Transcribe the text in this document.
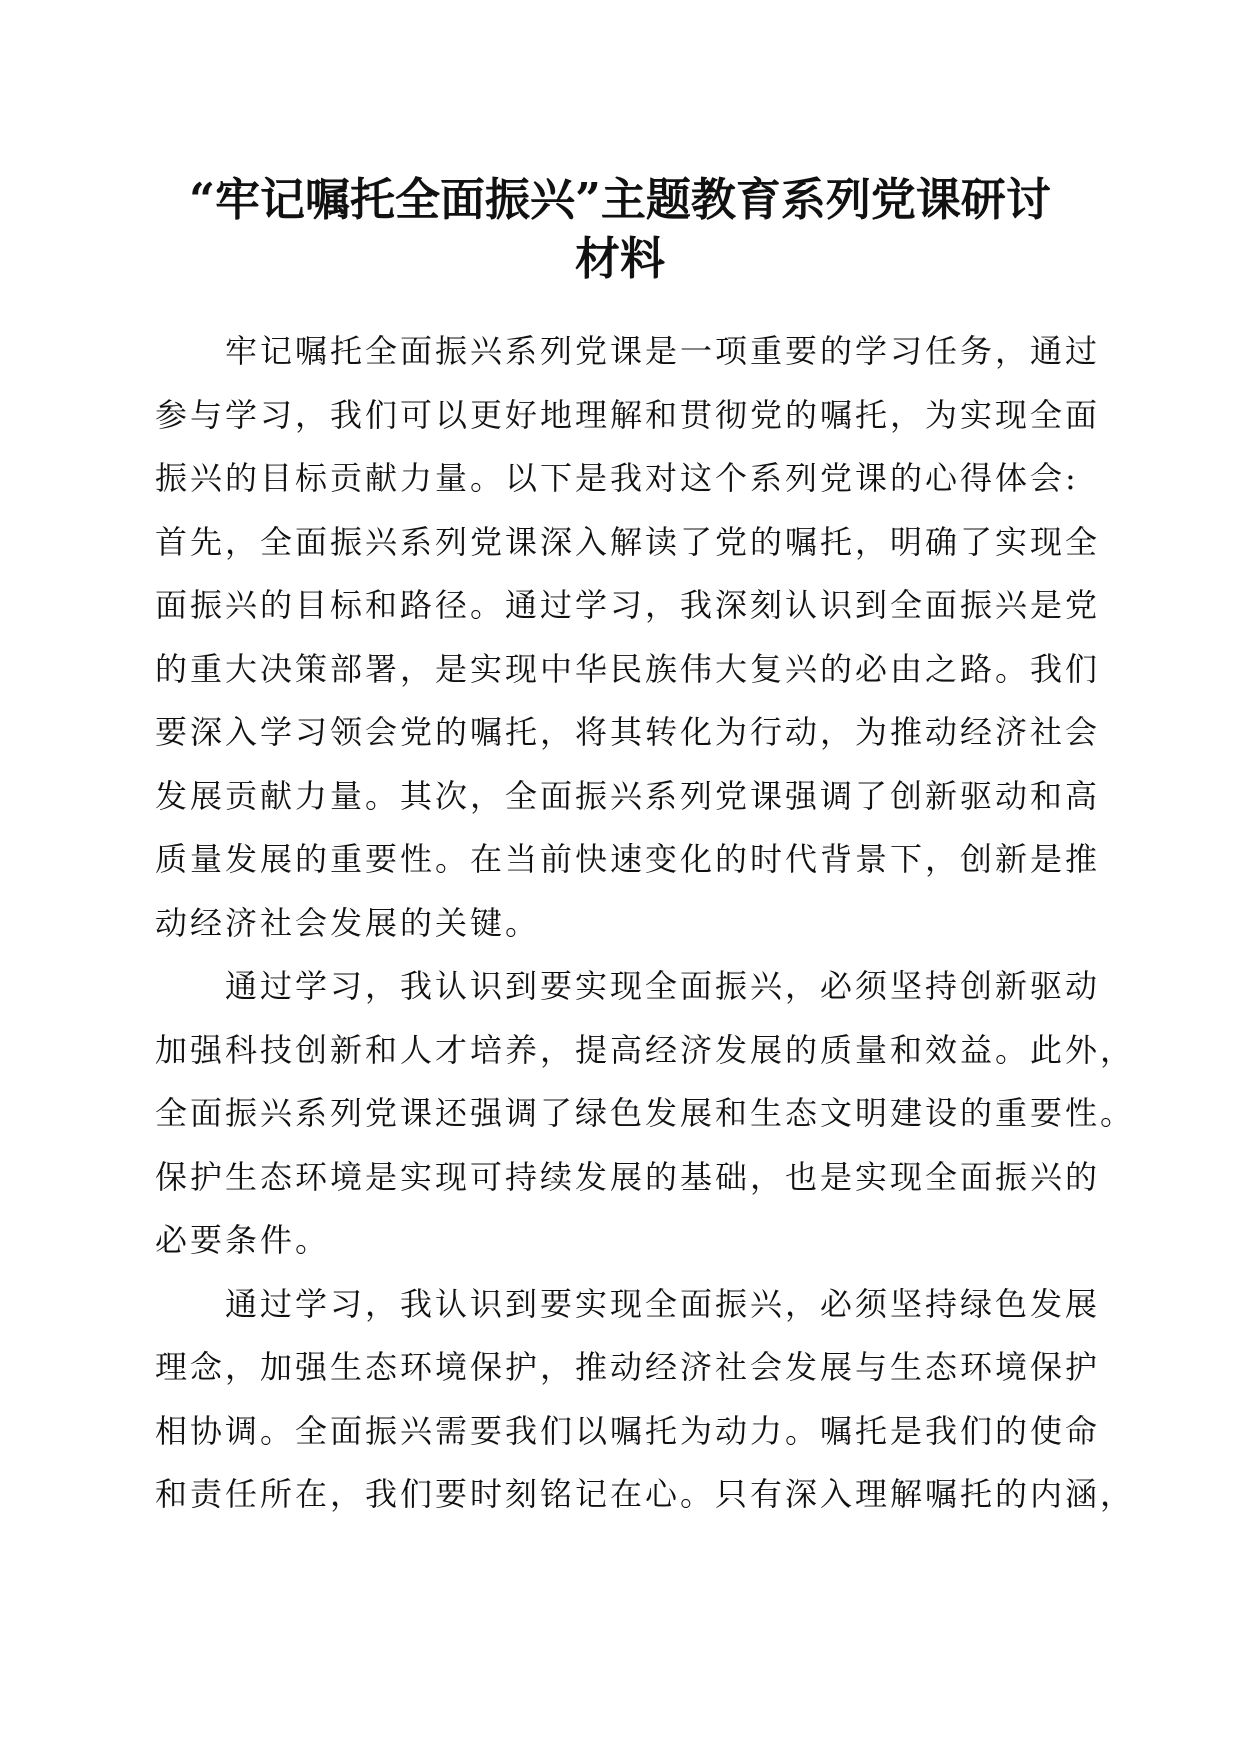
“牢记嘱托全面振兴”主题教育系列党课研讨
材料
牢记嘱托全面振兴系列党课是一项重要的学习任务，通过
参与学习，我们可以更好地理解和贯彻党的嘱托，为实现全面
振兴的目标贡献力量。以下是我对这个系列党课的心得体会:
首先，全面振兴系列党课深入解读了党的嘱托，明确了实现全
面振兴的目标和路径。通过学习，我深刻认识到全面振兴是党
的重大决策部署，是实现中华民族伟大复兴的必由之路。我们
要深入学习领会党的嘱托，将其转化为行动，为推动经济社会
发展贡献力量。其次，全面振兴系列党课强调了创新驱动和高
质量发展的重要性。在当前快速变化的时代背景下，创新是推
动经济社会发展的关键。
通过学习，我认识到要实现全面振兴，必须坚持创新驱动
加强科技创新和人才培养，提高经济发展的质量和效益。此外，
全面振兴系列党课还强调了绿色发展和生态文明建设的重要性。
保护生态环境是实现可持续发展的基础，也是实现全面振兴的
必要条件。
通过学习，我认识到要实现全面振兴，必须坚持绿色发展
理念，加强生态环境保护，推动经济社会发展与生态环境保护
相协调。全面振兴需要我们以嘱托为动力。嘱托是我们的使命
和责任所在，我们要时刻铭记在心。只有深入理解嘱托的内涵，
